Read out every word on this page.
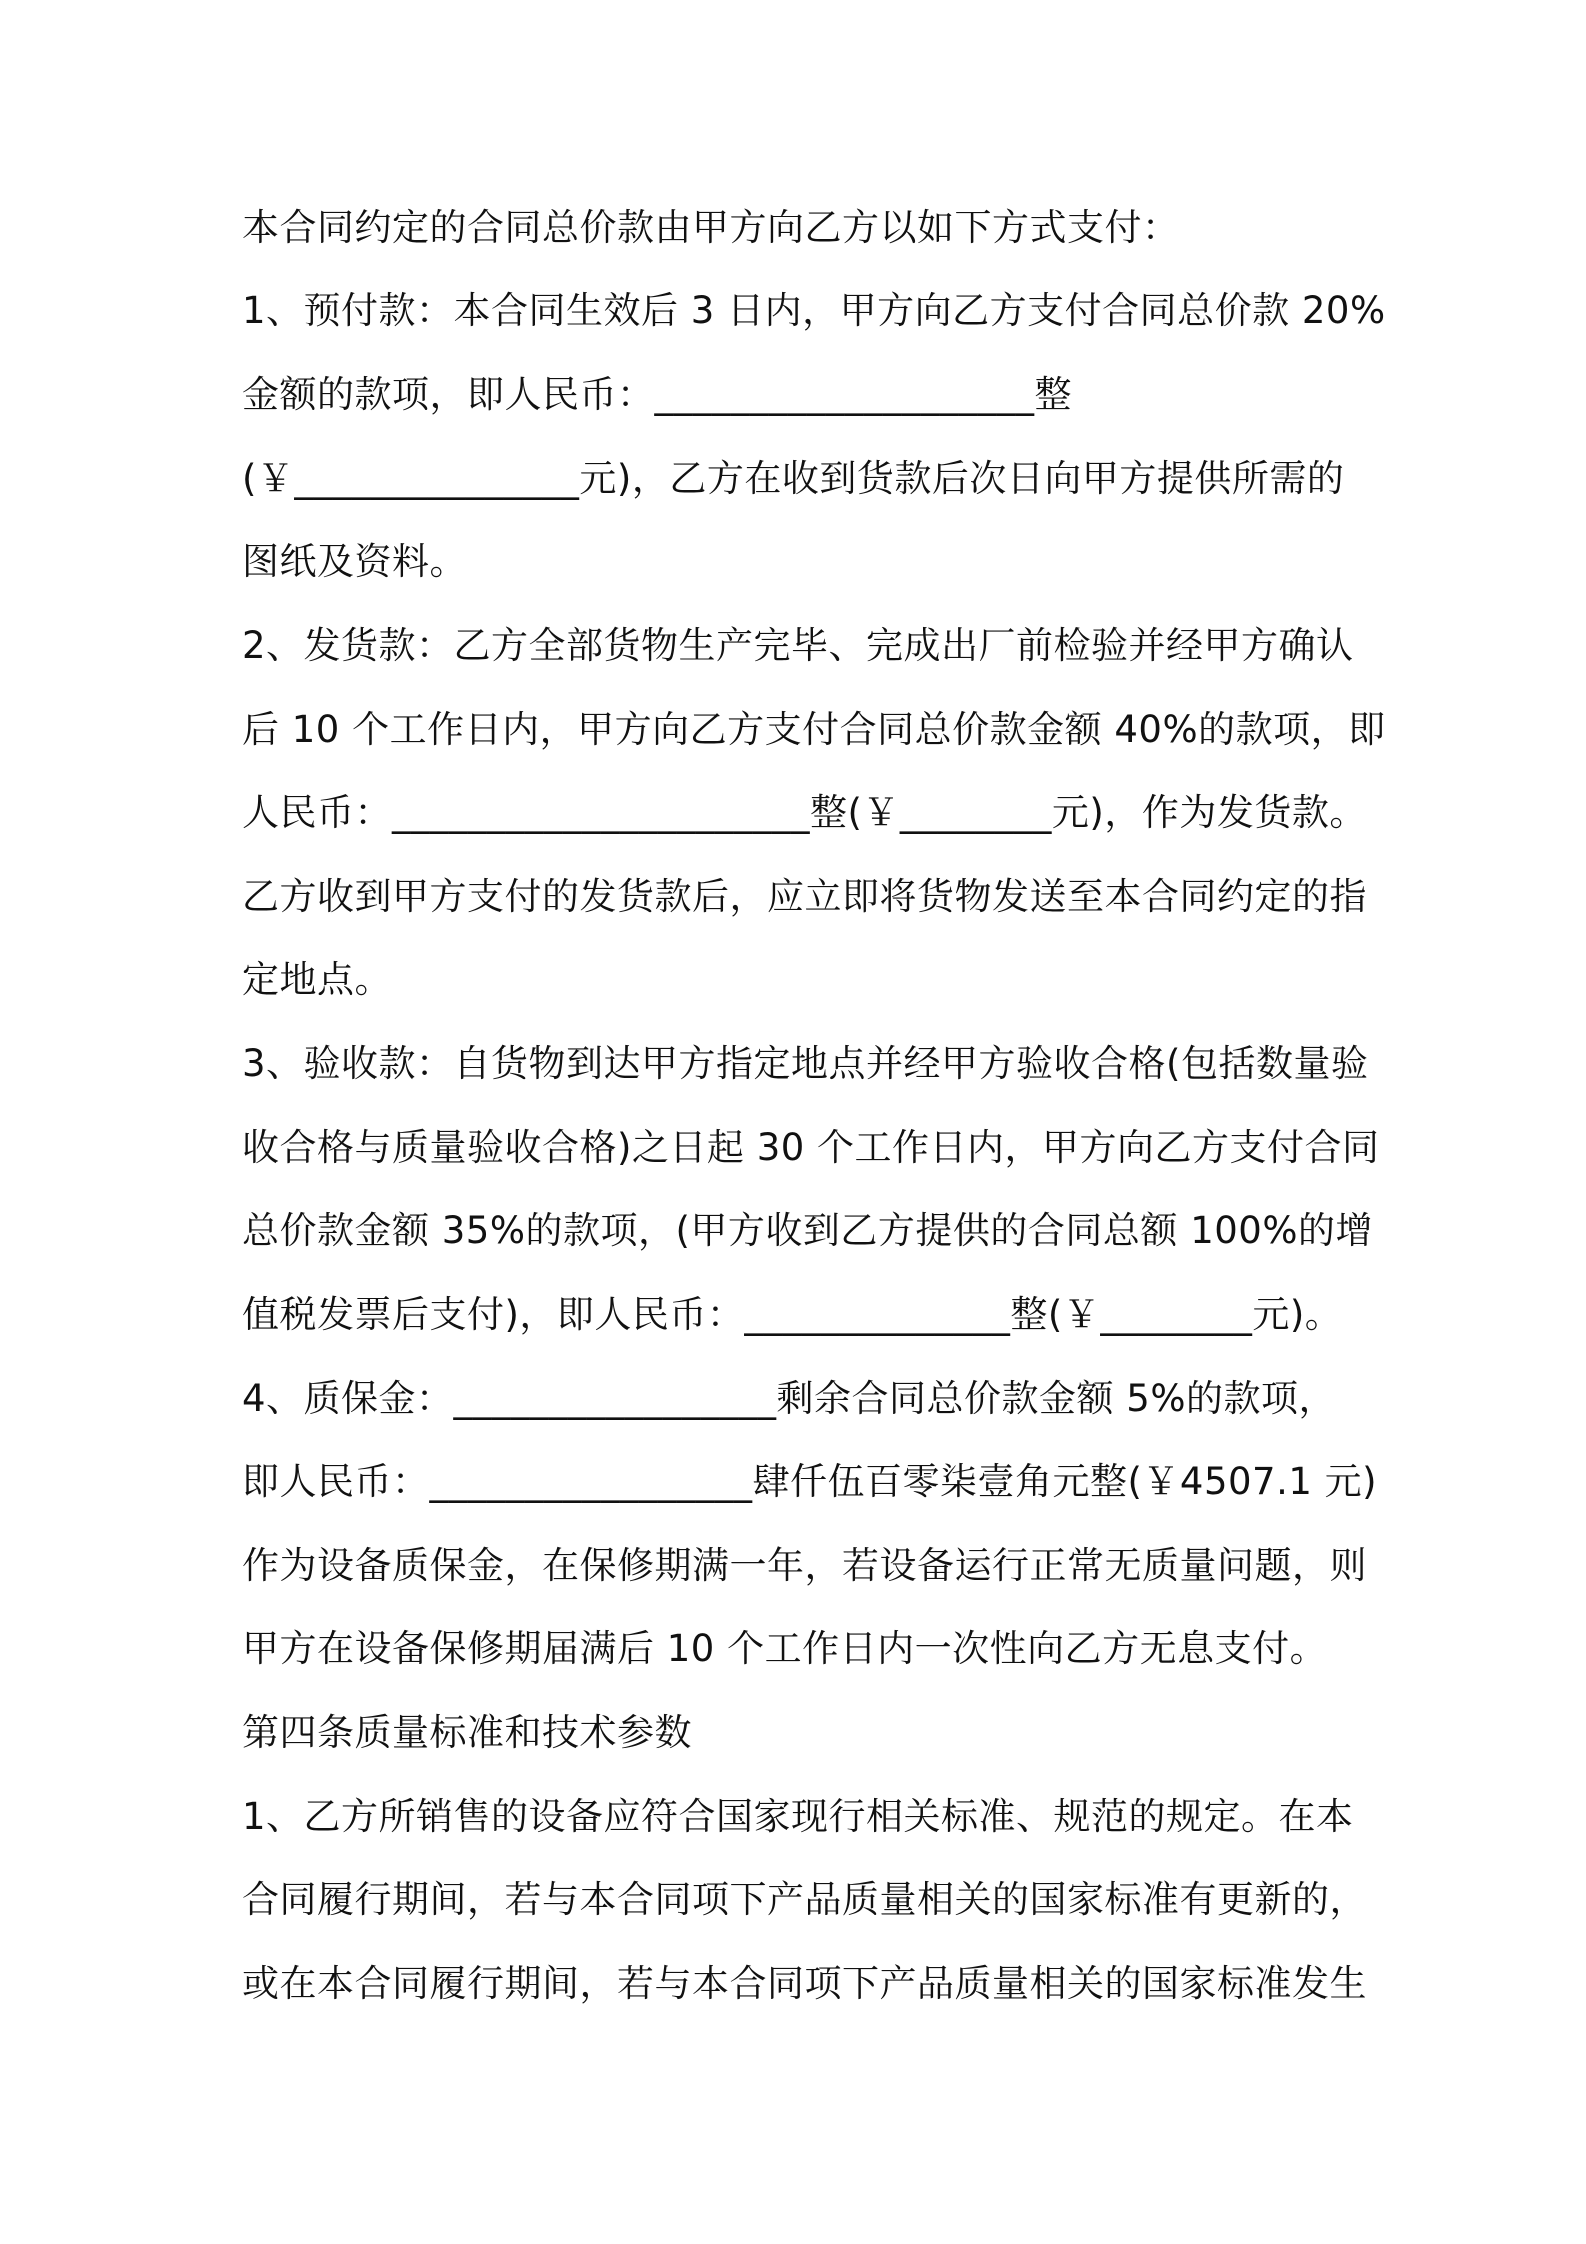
本合同约定的合同总价款由甲方向乙方以如下方式支付：
1、预付款：本合同生效后 3 日内，甲方向乙方支付合同总价款 20%
金额的款项，即人民币：____________________整
(￥_______________元)，乙方在收到货款后次日向甲方提供所需的
图纸及资料。
2、发货款：乙方全部货物生产完毕、完成出厂前检验并经甲方确认
后 10 个工作日内，甲方向乙方支付合同总价款金额 40%的款项，即
人民币：______________________整(￥________元)，作为发货款。
乙方收到甲方支付的发货款后，应立即将货物发送至本合同约定的指
定地点。
3、验收款：自货物到达甲方指定地点并经甲方验收合格(包括数量验
收合格与质量验收合格)之日起 30 个工作日内，甲方向乙方支付合同
总价款金额 35%的款项，(甲方收到乙方提供的合同总额 100%的增
值税发票后支付)，即人民币：______________整(￥________元)。
4、质保金：_________________剩余合同总价款金额 5%的款项，
即人民币：_________________肆仟伍百零柒壹角元整(￥4507.1 元)
作为设备质保金，在保修期满一年，若设备运行正常无质量问题，则
甲方在设备保修期届满后 10 个工作日内一次性向乙方无息支付。
第四条质量标准和技术参数
1、乙方所销售的设备应符合国家现行相关标准、规范的规定。在本
合同履行期间，若与本合同项下产品质量相关的国家标准有更新的，
或在本合同履行期间，若与本合同项下产品质量相关的国家标准发生
